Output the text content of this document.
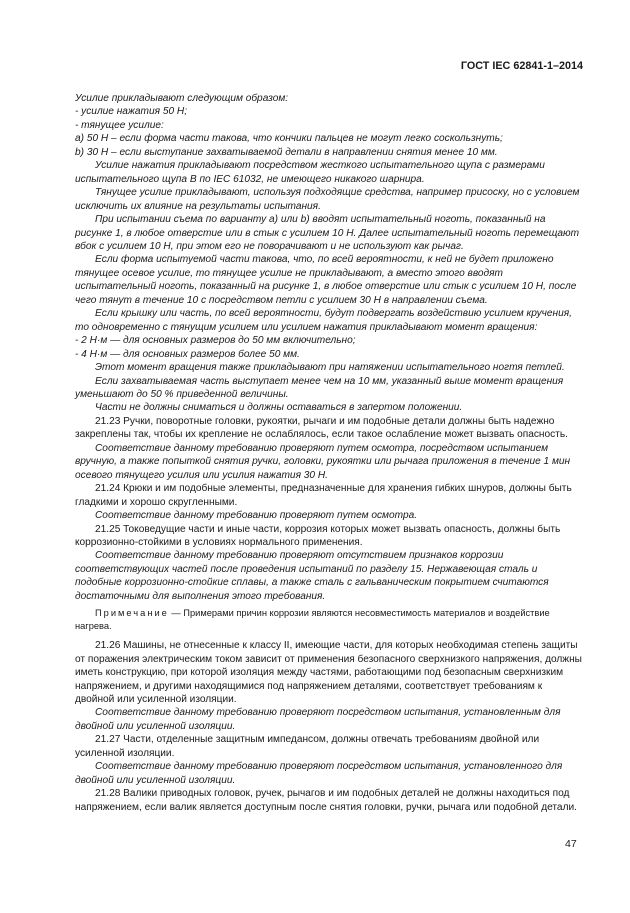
ГОСТ IEC 62841-1–2014

Усилие прикладывают следующим образом:

- усилие нажатия 50 Н;

- тянущее усилие:

а) 50 Н – если форма части такова, что кончики пальцев не могут легко соскользнуть;

b) 30 Н – если выступание захватываемой детали в направлении снятия менее 10 мм.

Усилие нажатия прикладывают посредством жесткого испытательного щупа с размерами испытательного щупа В по IEC 61032, не имеющего никакого шарнира.

Тянущее усилие прикладывают, используя подходящие средства, например присоску, но с условием исключить их влияние на результаты испытания.

При испытании съема по варианту а) или b) вводят испытательный ноготь, показанный на рисунке 1, в любое отверстие или в стык с усилием 10 Н. Далее испытательный ноготь перемещают вбок с усилием 10 Н, при этом его не поворачивают и не используют как рычаг.

Если форма испытуемой части такова, что, по всей вероятности, к ней не будет приложено тянущее осевое усилие, то тянущее усилие не прикладывают, а вместо этого вводят испытательный ноготь, показанный на рисунке 1, в любое отверстие или стык с усилием 10 Н, после чего тянут в течение 10 с посредством петли с усилием 30 Н в направлении съема.

Если крышку или часть, по всей вероятности, будут подвергать воздействию усилием кручения, то одновременно с тянущим усилием или усилием нажатия прикладывают момент вращения:

- 2 Н·м — для основных размеров до 50 мм включительно;

- 4 Н·м — для основных размеров более 50 мм.

Этот момент вращения также прикладывают при натяжении испытательного ногтя петлей.

Если захватываемая часть выступает менее чем на 10 мм, указанный выше момент вращения уменьшают до 50 % приведенной величины.

Части не должны сниматься и должны оставаться в запертом положении.

21.23 Ручки, поворотные головки, рукоятки, рычаги и им подобные детали должны быть надежно закреплены так, чтобы их крепление не ослаблялось, если такое ослабление может вызвать опасность.

Соответствие данному требованию проверяют путем осмотра, посредством испытанием вручную, а также попыткой снятия ручки, головки, рукоятки или рычага приложения в течение 1 мин осевого тянущего усилия или усилия нажатия 30 Н.

21.24 Крюки и им подобные элементы, предназначенные для хранения гибких шнуров, должны быть гладкими и хорошо скругленными.

Соответствие данному требованию проверяют путем осмотра.

21.25 Токоведущие части и иные части, коррозия которых может вызвать опасность, должны быть коррозионно-стойкими в условиях нормального применения.

Соответствие данному требованию проверяют отсутствием признаков коррозии соответствующих частей после проведения испытаний по разделу 15. Нержавеющая сталь и подобные коррозионно-стойкие сплавы, а также сталь с гальваническим покрытием считаются достаточными для выполнения этого требования.

Примечание — Примерами причин коррозии являются несовместимость материалов и воздействие нагрева.

21.26 Машины, не отнесенные к классу II, имеющие части, для которых необходимая степень защиты от поражения электрическим током зависит от применения безопасного сверхнизкого напряжения, должны иметь конструкцию, при которой изоляция между частями, работающими под безопасным сверхнизким напряжением, и другими находящимися под напряжением деталями, соответствует требованиям к двойной или усиленной изоляции.

Соответствие данному требованию проверяют посредством испытания, установленным для двойной или усиленной изоляции.

21.27 Части, отделенные защитным импедансом, должны отвечать требованиям двойной или усиленной изоляции.

Соответствие данному требованию проверяют посредством испытания, установленного для двойной или усиленной изоляции.

21.28 Валики приводных головок, ручек, рычагов и им подобных деталей не должны находиться под напряжением, если валик является доступным после снятия головки, ручки, рычага или подобной детали.

47
